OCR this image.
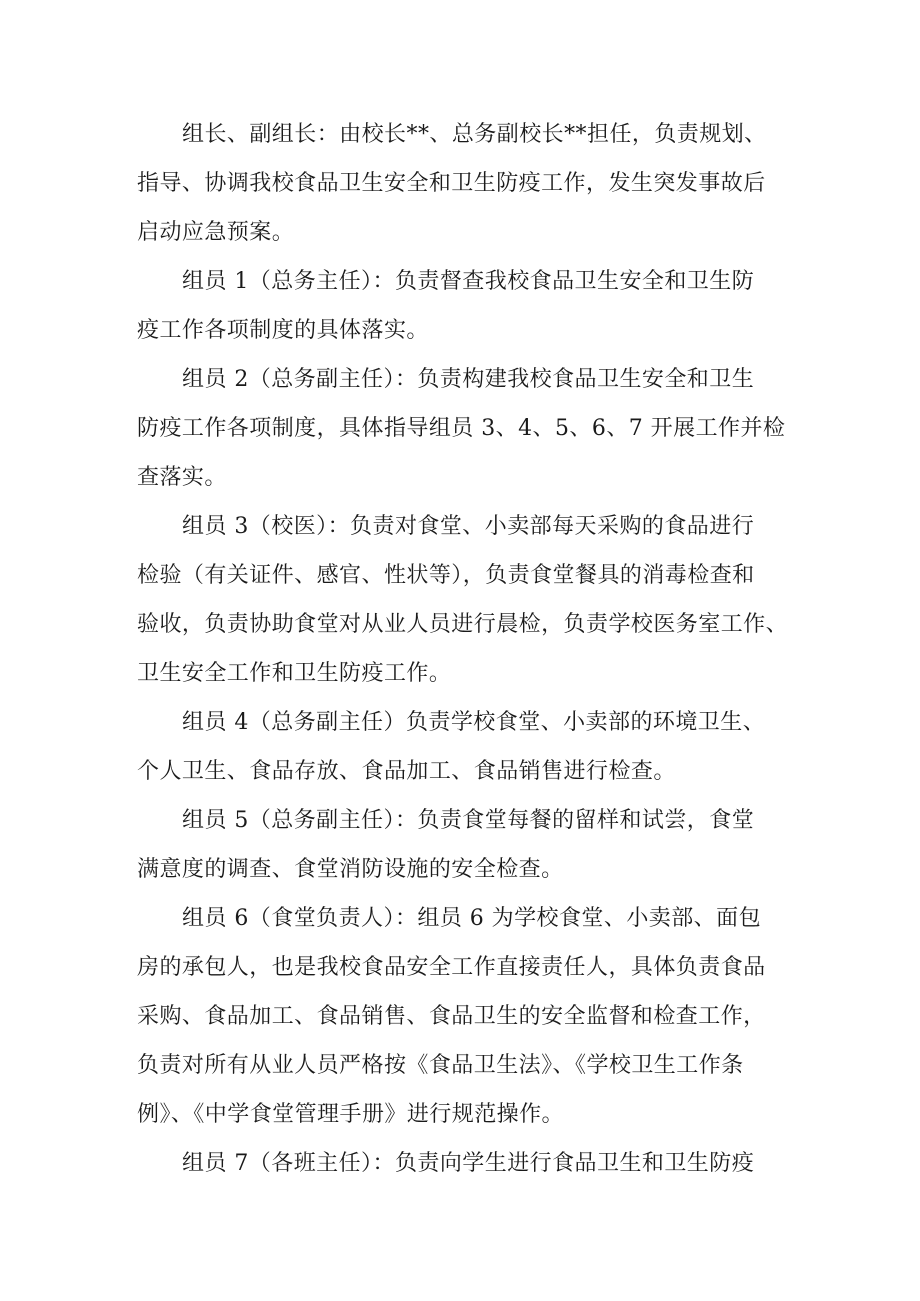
组长、副组长：由校长**、总务副校长**担任，负责规划、
指导、协调我校食品卫生安全和卫生防疫工作，发生突发事故后
启动应急预案。
组员 1（总务主任）：负责督查我校食品卫生安全和卫生防
疫工作各项制度的具体落实。
组员 2（总务副主任）：负责构建我校食品卫生安全和卫生
防疫工作各项制度，具体指导组员 3、4、5、6、7 开展工作并检
查落实。
组员 3（校医）：负责对食堂、小卖部每天采购的食品进行
检验（有关证件、感官、性状等），负责食堂餐具的消毒检查和
验收，负责协助食堂对从业人员进行晨检，负责学校医务室工作、
卫生安全工作和卫生防疫工作。
组员 4（总务副主任）负责学校食堂、小卖部的环境卫生、
个人卫生、食品存放、食品加工、食品销售进行检查。
组员 5（总务副主任）：负责食堂每餐的留样和试尝，食堂
满意度的调查、食堂消防设施的安全检查。
组员 6（食堂负责人）：组员 6 为学校食堂、小卖部、面包
房的承包人，也是我校食品安全工作直接责任人，具体负责食品
采购、食品加工、食品销售、食品卫生的安全监督和检查工作，
负责对所有从业人员严格按《食品卫生法》、《学校卫生工作条
例》、《中学食堂管理手册》进行规范操作。
组员 7（各班主任）：负责向学生进行食品卫生和卫生防疫
